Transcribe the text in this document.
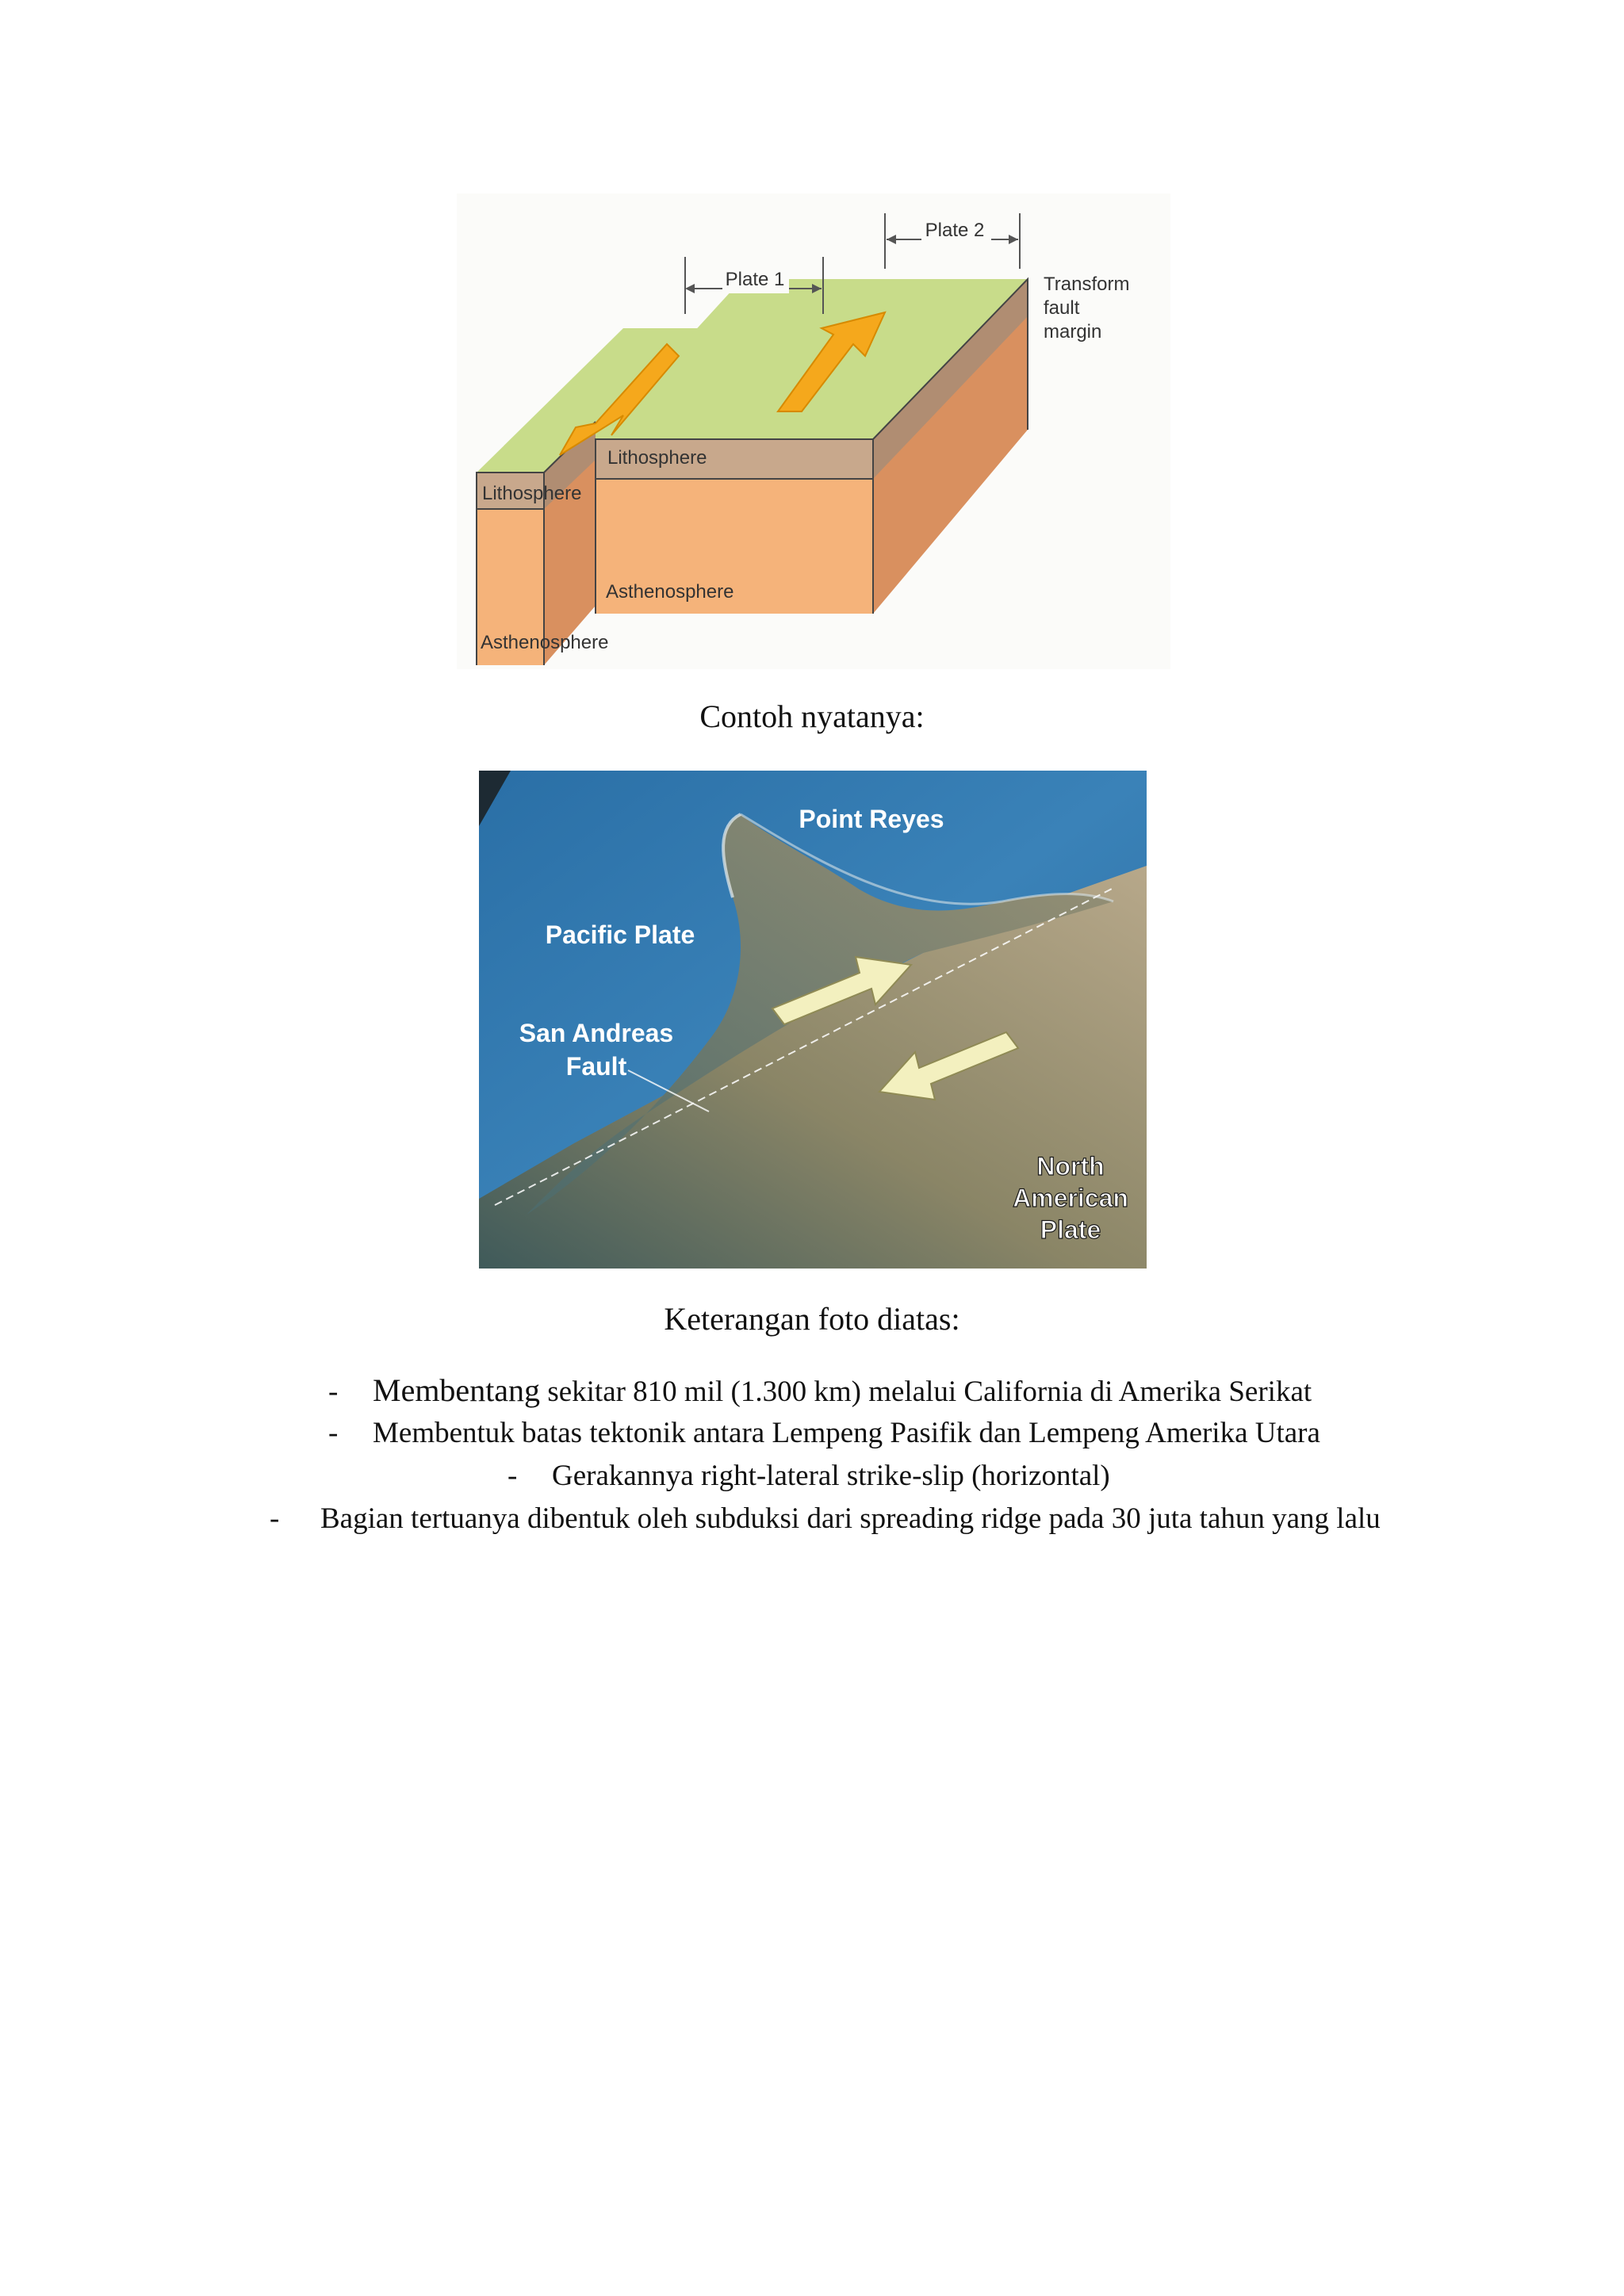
Plate 1
Plate 2
Transform
fault
margin
Lithosphere
Lithosphere
Asthenosphere
Asthenosphere
Contoh nyatanya:
Point Reyes
Pacific Plate
San Andreas
Fault
North
American
Plate
Keterangan foto diatas:
- Membentang sekitar 810 mil (1.300 km) melalui California di Amerika Serikat
- Membentuk batas tektonik antara Lempeng Pasifik dan Lempeng Amerika Utara
- Gerakannya right-lateral strike-slip (horizontal)
- Bagian tertuanya dibentuk oleh subduksi dari spreading ridge pada 30 juta tahun yang lalu
